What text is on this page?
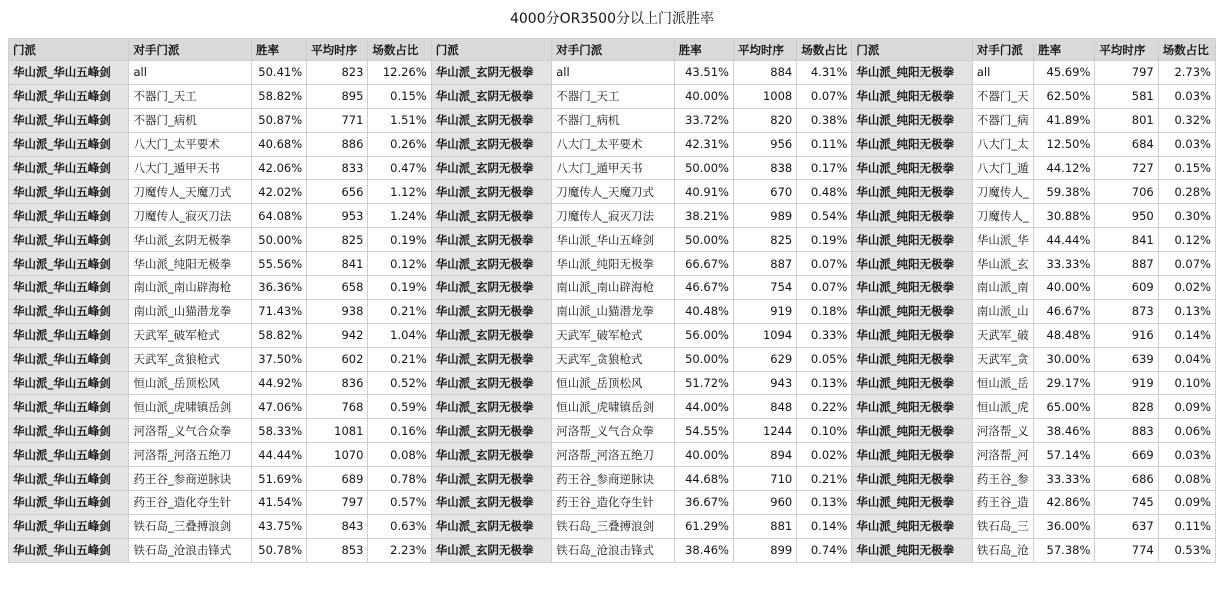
4000分OR3500分以上门派胜率
门派	对手门派	胜率	平均时序	场数占比	门派	对手门派	胜率	平均时序	场数占比	门派	对手门派	胜率	平均时序	场数占比
华山派_华山五峰剑	all	50.41%	823	12.26%	华山派_玄阴无极拳	all	43.51%	884	4.31%	华山派_纯阳无极拳	all	45.69%	797	2.73%
华山派_华山五峰剑	不器门_天工	58.82%	895	0.15%	华山派_玄阴无极拳	不器门_天工	40.00%	1008	0.07%	华山派_纯阳无极拳	不器门_天	62.50%	581	0.03%
华山派_华山五峰剑	不器门_病机	50.87%	771	1.51%	华山派_玄阴无极拳	不器门_病机	33.72%	820	0.38%	华山派_纯阳无极拳	不器门_病	41.89%	801	0.32%
华山派_华山五峰剑	八大门_太平要术	40.68%	886	0.26%	华山派_玄阴无极拳	八大门_太平要术	42.31%	956	0.11%	华山派_纯阳无极拳	八大门_太	12.50%	684	0.03%
华山派_华山五峰剑	八大门_遁甲天书	42.06%	833	0.47%	华山派_玄阴无极拳	八大门_遁甲天书	50.00%	838	0.17%	华山派_纯阳无极拳	八大门_遁	44.12%	727	0.15%
华山派_华山五峰剑	刀魔传人_天魔刀式	42.02%	656	1.12%	华山派_玄阴无极拳	刀魔传人_天魔刀式	40.91%	670	0.48%	华山派_纯阳无极拳	刀魔传人_	59.38%	706	0.28%
华山派_华山五峰剑	刀魔传人_寂灭刀法	64.08%	953	1.24%	华山派_玄阴无极拳	刀魔传人_寂灭刀法	38.21%	989	0.54%	华山派_纯阳无极拳	刀魔传人_	30.88%	950	0.30%
华山派_华山五峰剑	华山派_玄阴无极拳	50.00%	825	0.19%	华山派_玄阴无极拳	华山派_华山五峰剑	50.00%	825	0.19%	华山派_纯阳无极拳	华山派_华	44.44%	841	0.12%
华山派_华山五峰剑	华山派_纯阳无极拳	55.56%	841	0.12%	华山派_玄阴无极拳	华山派_纯阳无极拳	66.67%	887	0.07%	华山派_纯阳无极拳	华山派_玄	33.33%	887	0.07%
华山派_华山五峰剑	南山派_南山辟海枪	36.36%	658	0.19%	华山派_玄阴无极拳	南山派_南山辟海枪	46.67%	754	0.07%	华山派_纯阳无极拳	南山派_南	40.00%	609	0.02%
华山派_华山五峰剑	南山派_山猫潜龙拳	71.43%	938	0.21%	华山派_玄阴无极拳	南山派_山猫潜龙拳	40.48%	919	0.18%	华山派_纯阳无极拳	南山派_山	46.67%	873	0.13%
华山派_华山五峰剑	天武军_破军枪式	58.82%	942	1.04%	华山派_玄阴无极拳	天武军_破军枪式	56.00%	1094	0.33%	华山派_纯阳无极拳	天武军_破	48.48%	916	0.14%
华山派_华山五峰剑	天武军_贪狼枪式	37.50%	602	0.21%	华山派_玄阴无极拳	天武军_贪狼枪式	50.00%	629	0.05%	华山派_纯阳无极拳	天武军_贪	30.00%	639	0.04%
华山派_华山五峰剑	恒山派_岳顶松风	44.92%	836	0.52%	华山派_玄阴无极拳	恒山派_岳顶松风	51.72%	943	0.13%	华山派_纯阳无极拳	恒山派_岳	29.17%	919	0.10%
华山派_华山五峰剑	恒山派_虎啸镇岳剑	47.06%	768	0.59%	华山派_玄阴无极拳	恒山派_虎啸镇岳剑	44.00%	848	0.22%	华山派_纯阳无极拳	恒山派_虎	65.00%	828	0.09%
华山派_华山五峰剑	河洛帮_义气合众拳	58.33%	1081	0.16%	华山派_玄阴无极拳	河洛帮_义气合众拳	54.55%	1244	0.10%	华山派_纯阳无极拳	河洛帮_义	38.46%	883	0.06%
华山派_华山五峰剑	河洛帮_河洛五绝刀	44.44%	1070	0.08%	华山派_玄阴无极拳	河洛帮_河洛五绝刀	40.00%	894	0.02%	华山派_纯阳无极拳	河洛帮_河	57.14%	669	0.03%
华山派_华山五峰剑	药王谷_参商逆脉诀	51.69%	689	0.78%	华山派_玄阴无极拳	药王谷_参商逆脉诀	44.68%	710	0.21%	华山派_纯阳无极拳	药王谷_参	33.33%	686	0.08%
华山派_华山五峰剑	药王谷_造化夺生针	41.54%	797	0.57%	华山派_玄阴无极拳	药王谷_造化夺生针	36.67%	960	0.13%	华山派_纯阳无极拳	药王谷_造	42.86%	745	0.09%
华山派_华山五峰剑	铁石岛_三叠搏浪剑	43.75%	843	0.63%	华山派_玄阴无极拳	铁石岛_三叠搏浪剑	61.29%	881	0.14%	华山派_纯阳无极拳	铁石岛_三	36.00%	637	0.11%
华山派_华山五峰剑	铁石岛_沧浪击锋式	50.78%	853	2.23%	华山派_玄阴无极拳	铁石岛_沧浪击锋式	38.46%	899	0.74%	华山派_纯阳无极拳	铁石岛_沧	57.38%	774	0.53%
